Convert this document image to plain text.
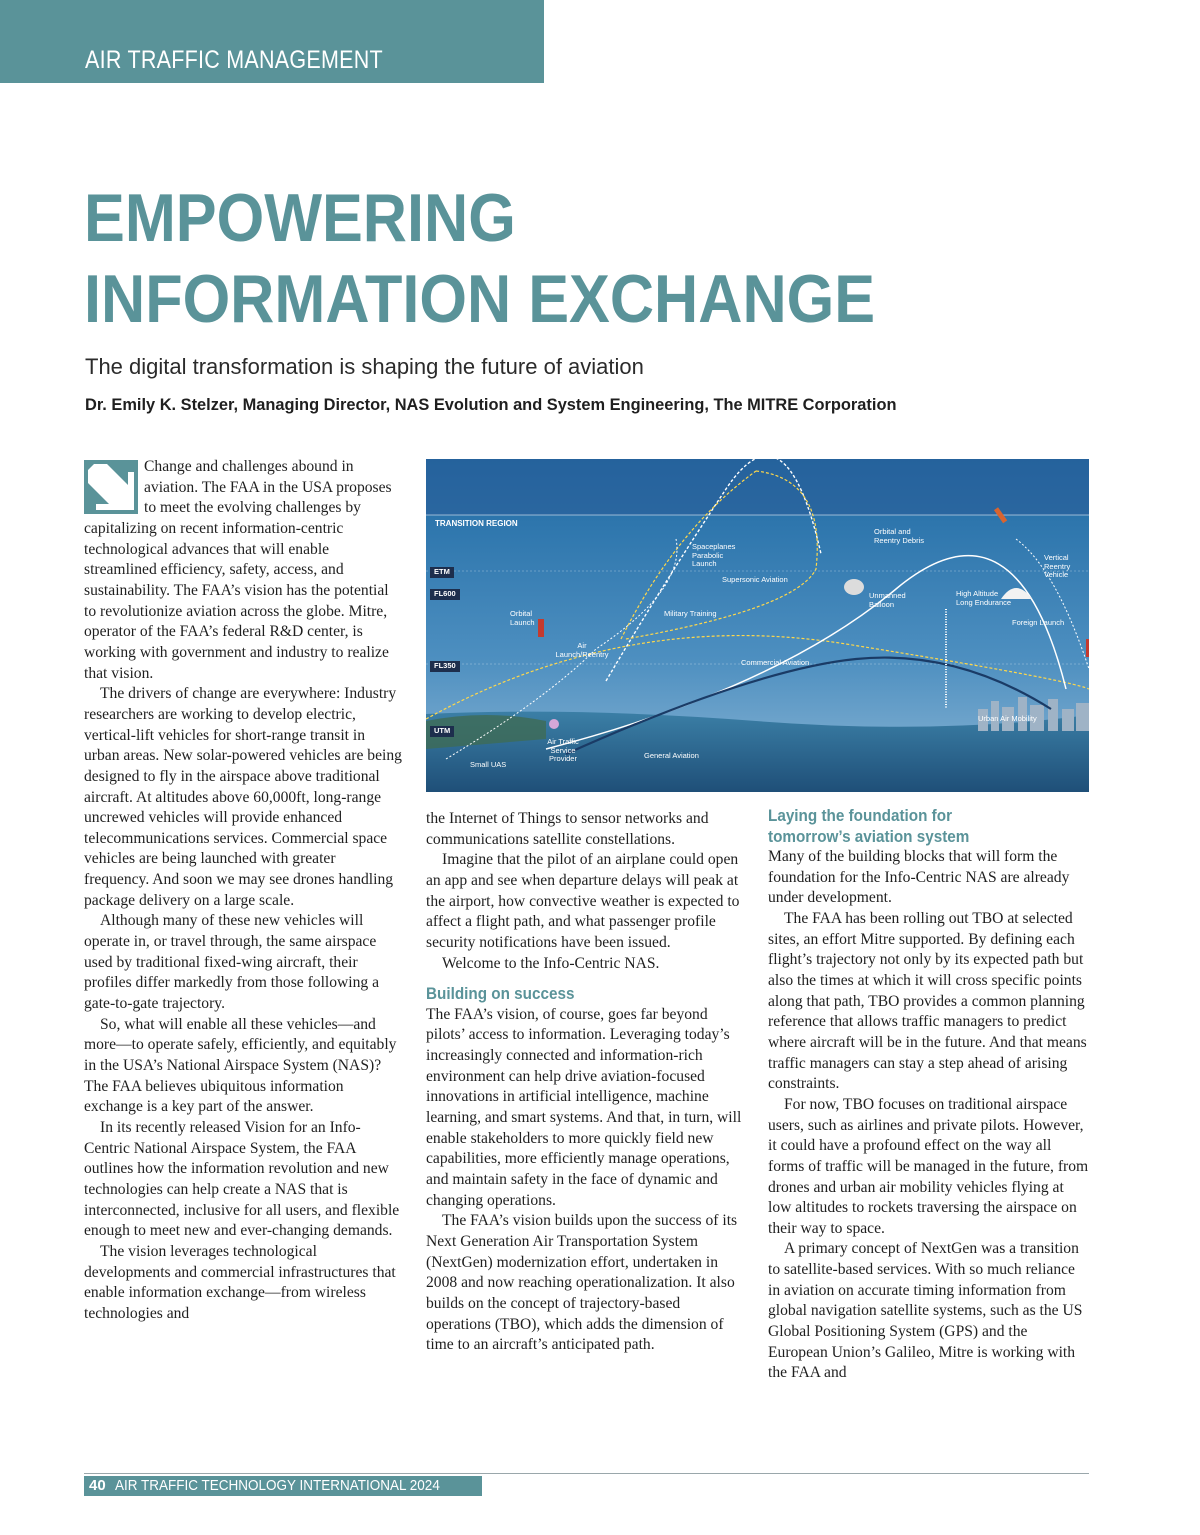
AIR TRAFFIC MANAGEMENT
EMPOWERING
INFORMATION EXCHANGE
The digital transformation is shaping the future of aviation
Dr. Emily K. Stelzer, Managing Director, NAS Evolution and System Engineering, The MITRE Corporation

Change and challenges abound in aviation. The FAA in the USA proposes to meet the evolving challenges by capitalizing on recent information-centric technological advances that will enable streamlined efficiency, safety, access, and sustainability. The FAA’s vision has the potential to revolutionize aviation across the globe. Mitre, operator of the FAA’s federal R&D center, is working with government and industry to realize that vision.

The drivers of change are everywhere: Industry researchers are working to develop electric, vertical-lift vehicles for short-range transit in urban areas. New solar-powered vehicles are being designed to fly in the airspace above traditional aircraft. At altitudes above 60,000ft, long-range uncrewed vehicles will provide enhanced telecommunications services. Commercial space vehicles are being launched with greater frequency. And soon we may see drones handling package delivery on a large scale.

Although many of these new vehicles will operate in, or travel through, the same airspace used by traditional fixed-wing aircraft, their profiles differ markedly from those following a gate-to-gate trajectory.

So, what will enable all these vehicles—and more—to operate safely, efficiently, and equitably in the USA’s National Airspace System (NAS)? The FAA believes ubiquitous information exchange is a key part of the answer.

In its recently released Vision for an Info-Centric National Airspace System, the FAA outlines how the information revolution and new technologies can help create a NAS that is interconnected, inclusive for all users, and flexible enough to meet new and ever-changing demands.

The vision leverages technological developments and commercial infrastructures that enable information exchange—from wireless technologies and

TRANSITION REGION
ETM
FL600
FL350
UTM
Spaceplanes Parabolic Launch
Supersonic Aviation
Orbital and Reentry Debris
Vertical Reentry Vehicle
Orbital Launch
Air Launch/Reentry
Military Training
Unmanned Balloon
High Altitude Long Endurance
Foreign Launch
Commercial Aviation
Urban Air Mobility
Air Traffic Service Provider	General Aviation
Small UAS

the Internet of Things to sensor networks and communications satellite constellations.

Imagine that the pilot of an airplane could open an app and see when departure delays will peak at the airport, how convective weather is expected to affect a flight path, and what passenger profile security notifications have been issued.

Welcome to the Info-Centric NAS.

Building on success

The FAA’s vision, of course, goes far beyond pilots’ access to information. Leveraging today’s increasingly connected and information-rich environment can help drive aviation-focused innovations in artificial intelligence, machine learning, and smart systems. And that, in turn, will enable stakeholders to more quickly field new capabilities, more efficiently manage operations, and maintain safety in the face of dynamic and changing operations.

The FAA’s vision builds upon the success of its Next Generation Air Transportation System (NextGen) modernization effort, undertaken in 2008 and now reaching operationalization. It also builds on the concept of trajectory-based operations (TBO), which adds the dimension of time to an aircraft’s anticipated path.

Laying the foundation for
tomorrow’s aviation system

Many of the building blocks that will form the foundation for the Info-Centric NAS are already under development.

The FAA has been rolling out TBO at selected sites, an effort Mitre supported. By defining each flight’s trajectory not only by its expected path but also the times at which it will cross specific points along that path, TBO provides a common planning reference that allows traffic managers to predict where aircraft will be in the future. And that means traffic managers can stay a step ahead of arising constraints.

For now, TBO focuses on traditional airspace users, such as airlines and private pilots. However, it could have a profound effect on the way all forms of traffic will be managed in the future, from drones and urban air mobility vehicles flying at low altitudes to rockets traversing the airspace on their way to space.

A primary concept of NextGen was a transition to satellite-based services. With so much reliance in aviation on accurate timing information from global navigation satellite systems, such as the US Global Positioning System (GPS) and the European Union’s Galileo, Mitre is working with the FAA and

40 AIR TRAFFIC TECHNOLOGY INTERNATIONAL 2024
